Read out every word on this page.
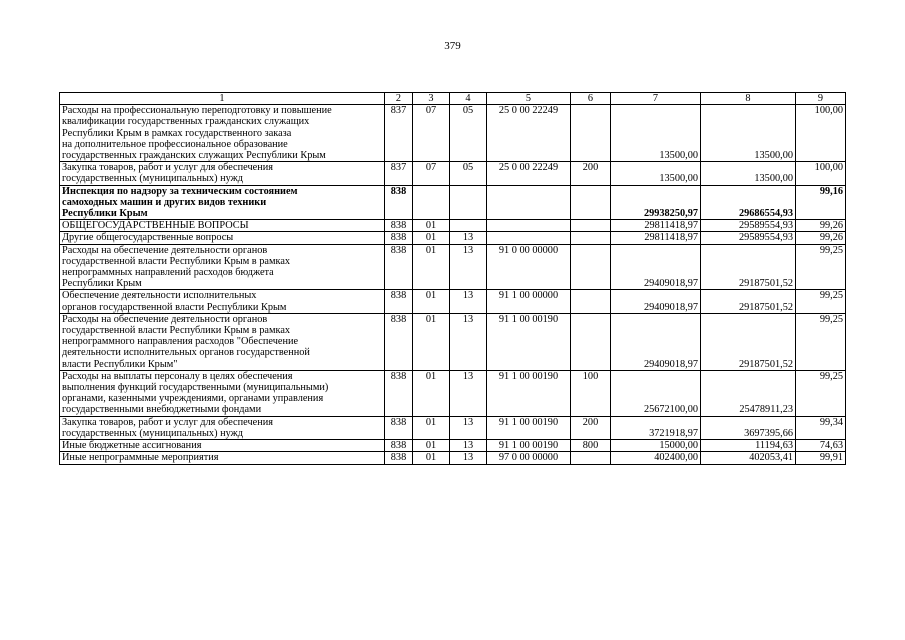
379
1	2	3	4	5	6	7	8	9

Расходы на профессиональную переподготовку и повышение
квалификации государственных гражданских служащих
Республики Крым в рамках государственного заказа
на дополнительное профессиональное образование
государственных гражданских служащих Республики Крым	837	07	05	25 0 00 22249		13500,00	13500,00	100,00

Закупка товаров, работ и услуг для обеспечения
государственных (муниципальных) нужд	837	07	05	25 0 00 22249	200	13500,00	13500,00	100,00

Инспекция по надзору за техническим состоянием
самоходных машин и других видов техники
Республики Крым	838					29938250,97	29686554,93	99,16

ОБЩЕГОСУДАРСТВЕННЫЕ ВОПРОСЫ	838	01				29811418,97	29589554,93	99,26

Другие общегосударственные вопросы	838	01	13			29811418,97	29589554,93	99,26

Расходы на обеспечение деятельности органов
государственной власти Республики Крым в рамках
непрограммных направлений расходов бюджета
Республики Крым	838	01	13	91 0 00 00000		29409018,97	29187501,52	99,25

Обеспечение деятельности исполнительных
органов государственной власти Республики Крым	838	01	13	91 1 00 00000		29409018,97	29187501,52	99,25

Расходы на обеспечение деятельности органов
государственной власти Республики Крым в рамках
непрограммного направления расходов "Обеспечение
деятельности исполнительных органов государственной
власти Республики Крым"	838	01	13	91 1 00 00190		29409018,97	29187501,52	99,25

Расходы на выплаты персоналу в целях обеспечения
выполнения функций государственными (муниципальными)
органами, казенными учреждениями, органами управления
государственными внебюджетными фондами	838	01	13	91 1 00 00190	100	25672100,00	25478911,23	99,25

Закупка товаров, работ и услуг для обеспечения
государственных (муниципальных) нужд	838	01	13	91 1 00 00190	200	3721918,97	3697395,66	99,34

Иные бюджетные ассигнования	838	01	13	91 1 00 00190	800	15000,00	11194,63	74,63

Иные непрограммные мероприятия	838	01	13	97 0 00 00000		402400,00	402053,41	99,91
